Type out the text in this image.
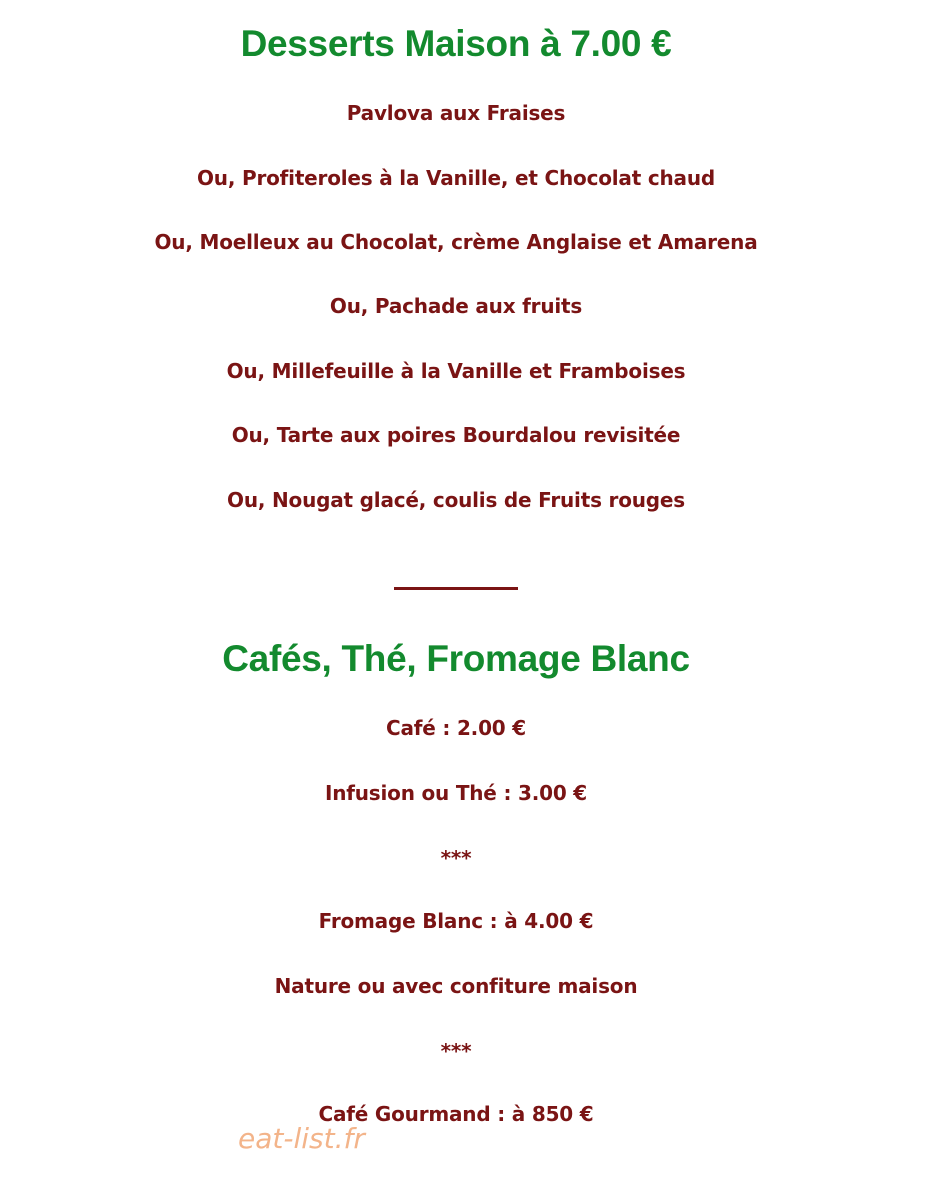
Desserts Maison à 7.00 €
Pavlova aux Fraises
Ou, Profiteroles à la Vanille, et Chocolat chaud
Ou, Moelleux au Chocolat, crème Anglaise et Amarena
Ou, Pachade aux fruits
Ou, Millefeuille à la Vanille et Framboises
Ou, Tarte aux poires Bourdalou revisitée
Ou, Nougat glacé, coulis de Fruits rouges
Cafés, Thé, Fromage Blanc
Café : 2.00 €
Infusion ou Thé : 3.00 €
***
Fromage Blanc : à 4.00 €
Nature ou avec confiture maison
***
Café Gourmand : à 850 €
eat-list.fr
